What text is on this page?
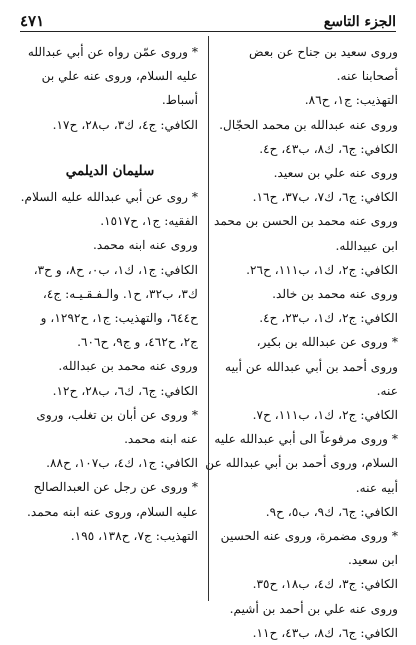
الجزء التاسع
٤٧١
وروى سعيد بن جناح عن بعض
أصحابنا عنه.
التهذيب: ج١، ح٨٦.
وروى عنه عبدالله بن محمد الحجّال.
الكافي: ج٦، ك٨، ب٤٣، ح٤.
وروى عنه علي بن سعيد.
الكافي: ج٦، ك٧، ب٣٧، ح١٦.
وروى عنه محمد بن الحسن بن محمد
ابن عبيدالله.
الكافي: ج٢، ك١، ب١١١، ح٢٦.
وروى عنه محمد بن خالد.
الكافي: ج٢، ك١، ب٢٣، ح٤.
* وروى عن عبدالله بن بكير،
وروى أحمد بن أبي عبدالله عن أبيه
عنه.
الكافي: ج٢، ك١، ب١١١، ح٧.
* وروى مرفوعاً الى أبي عبدالله عليه
السلام، وروى أحمد بن أبي عبدالله عن
أبيه عنه.
الكافي: ج٦، ك٩، ب٥، ح٩.
* وروى مضمرة، وروى عنه الحسين
ابن سعيد.
الكافي: ج٣، ك٤، ب١٨، ح٣٥.
وروى عنه علي بن أحمد بن أشيم.
الكافي: ج٦، ك٨، ب٤٣، ح١١.
* وروى عمّن رواه عن أبي عبدالله
عليه السلام، وروى عنه علي بن
أسباط.
الكافي: ج٤، ك٣، ب٢٨، ح١٧.
سليمان الديلمي
* روى عن أبي عبدالله عليه السلام.
الفقيه: ج١، ح١٥١٧.
وروى عنه ابنه محمد.
الكافي: ج١، ك١، ب٠، ح٨، و ح٣،
ك٣، ب٣٢، ح١. والـفـقـيـه: ج٤،
ح٦٤٤، والتهذيب: ج١، ح١٢٩٢، و
ج٢، ح٤٦٢، و ج٩، ح٦٠٦.
وروى عنه محمد بن عبدالله.
الكافي: ج٦، ك٦، ب٢٨، ح١٢.
* وروى عن أبان بن تغلب، وروى
عنه ابنه محمد.
الكافي: ج١، ك٤، ب١٠٧، ح٨٨.
* وروى عن رجل عن العبدالصالح
عليه السلام، وروى عنه ابنه محمد.
التهذيب: ج٧، ح١٣٨، ١٩٥.
